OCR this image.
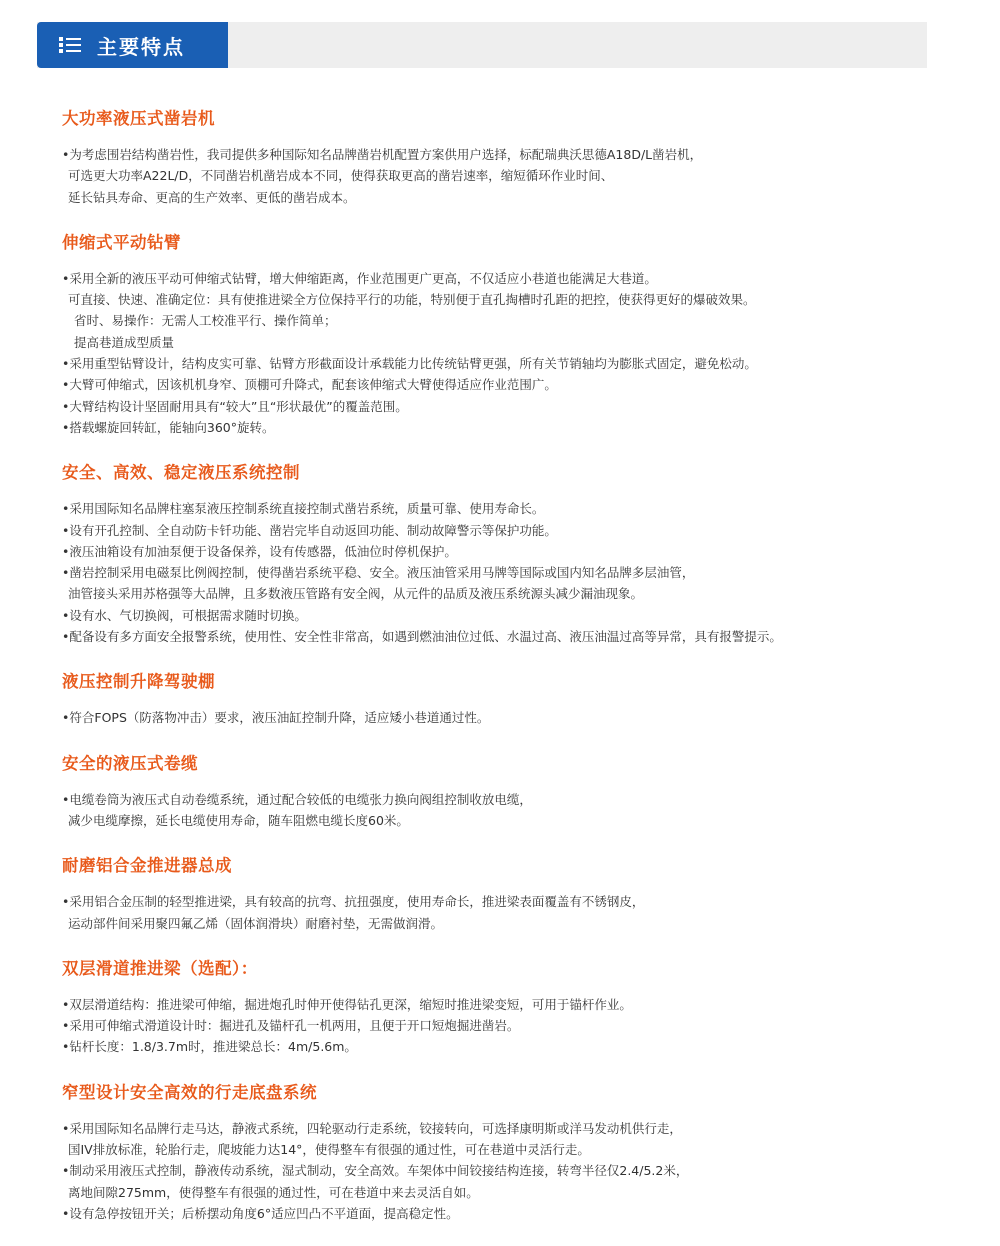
主要特点
大功率液压式凿岩机
•为考虑围岩结构凿岩性，我司提供多种国际知名品牌凿岩机配置方案供用户选择，标配瑞典沃思德A18D/L凿岩机，
可选更大功率A22L/D，不同凿岩机凿岩成本不同，使得获取更高的凿岩速率，缩短循环作业时间、
延长钻具寿命、更高的生产效率、更低的凿岩成本。
伸缩式平动钻臂
•采用全新的液压平动可伸缩式钻臂，增大伸缩距离，作业范围更广更高，不仅适应小巷道也能满足大巷道。
可直接、快速、准确定位：具有使推进梁全方位保持平行的功能，特别便于直孔掏槽时孔距的把控，使获得更好的爆破效果。
省时、易操作：无需人工校准平行、操作简单；
提高巷道成型质量
•采用重型钻臂设计，结构皮实可靠、钻臂方形截面设计承载能力比传统钻臂更强，所有关节销轴均为膨胀式固定，避免松动。
•大臂可伸缩式，因该机机身窄、顶棚可升降式，配套该伸缩式大臂使得适应作业范围广。
•大臂结构设计坚固耐用具有“较大”且“形状最优”的覆盖范围。
•搭载螺旋回转缸，能轴向360°旋转。
安全、高效、稳定液压系统控制
•采用国际知名品牌柱塞泵液压控制系统直接控制式凿岩系统，质量可靠、使用寿命长。
•设有开孔控制、全自动防卡钎功能、凿岩完毕自动返回功能、制动故障警示等保护功能。
•液压油箱设有加油泵便于设备保养，设有传感器，低油位时停机保护。
•凿岩控制采用电磁泵比例阀控制，使得凿岩系统平稳、安全。液压油管采用马牌等国际或国内知名品牌多层油管，
油管接头采用苏格强等大品牌，且多数液压管路有安全阀，从元件的品质及液压系统源头减少漏油现象。
•设有水、气切换阀，可根据需求随时切换。
•配备设有多方面安全报警系统，使用性、安全性非常高，如遇到燃油油位过低、水温过高、液压油温过高等异常，具有报警提示。
液压控制升降驾驶棚
•符合FOPS（防落物冲击）要求，液压油缸控制升降，适应矮小巷道通过性。
安全的液压式卷缆
•电缆卷筒为液压式自动卷缆系统，通过配合较低的电缆张力换向阀组控制收放电缆，
减少电缆摩擦，延长电缆使用寿命，随车阻燃电缆长度60米。
耐磨铝合金推进器总成
•采用铝合金压制的轻型推进梁，具有较高的抗弯、抗扭强度，使用寿命长，推进梁表面覆盖有不锈钢皮，
运动部件间采用聚四氟乙烯（固体润滑块）耐磨衬垫，无需做润滑。
双层滑道推进梁（选配）：
•双层滑道结构：推进梁可伸缩，掘进炮孔时伸开使得钻孔更深，缩短时推进梁变短，可用于锚杆作业。
•采用可伸缩式滑道设计时：掘进孔及锚杆孔一机两用，且便于开口短炮掘进凿岩。
•钻杆长度：1.8/3.7m时，推进梁总长：4m/5.6m。
窄型设计安全高效的行走底盘系统
•采用国际知名品牌行走马达，静液式系统，四轮驱动行走系统，铰接转向，可选择康明斯或洋马发动机供行走，
国IV排放标准，轮胎行走，爬坡能力达14°，使得整车有很强的通过性，可在巷道中灵活行走。
•制动采用液压式控制，静液传动系统，湿式制动，安全高效。车架体中间铰接结构连接，转弯半径仅2.4/5.2米，
离地间隙275mm，使得整车有很强的通过性，可在巷道中来去灵活自如。
•设有急停按钮开关；后桥摆动角度6°适应凹凸不平道面，提高稳定性。
